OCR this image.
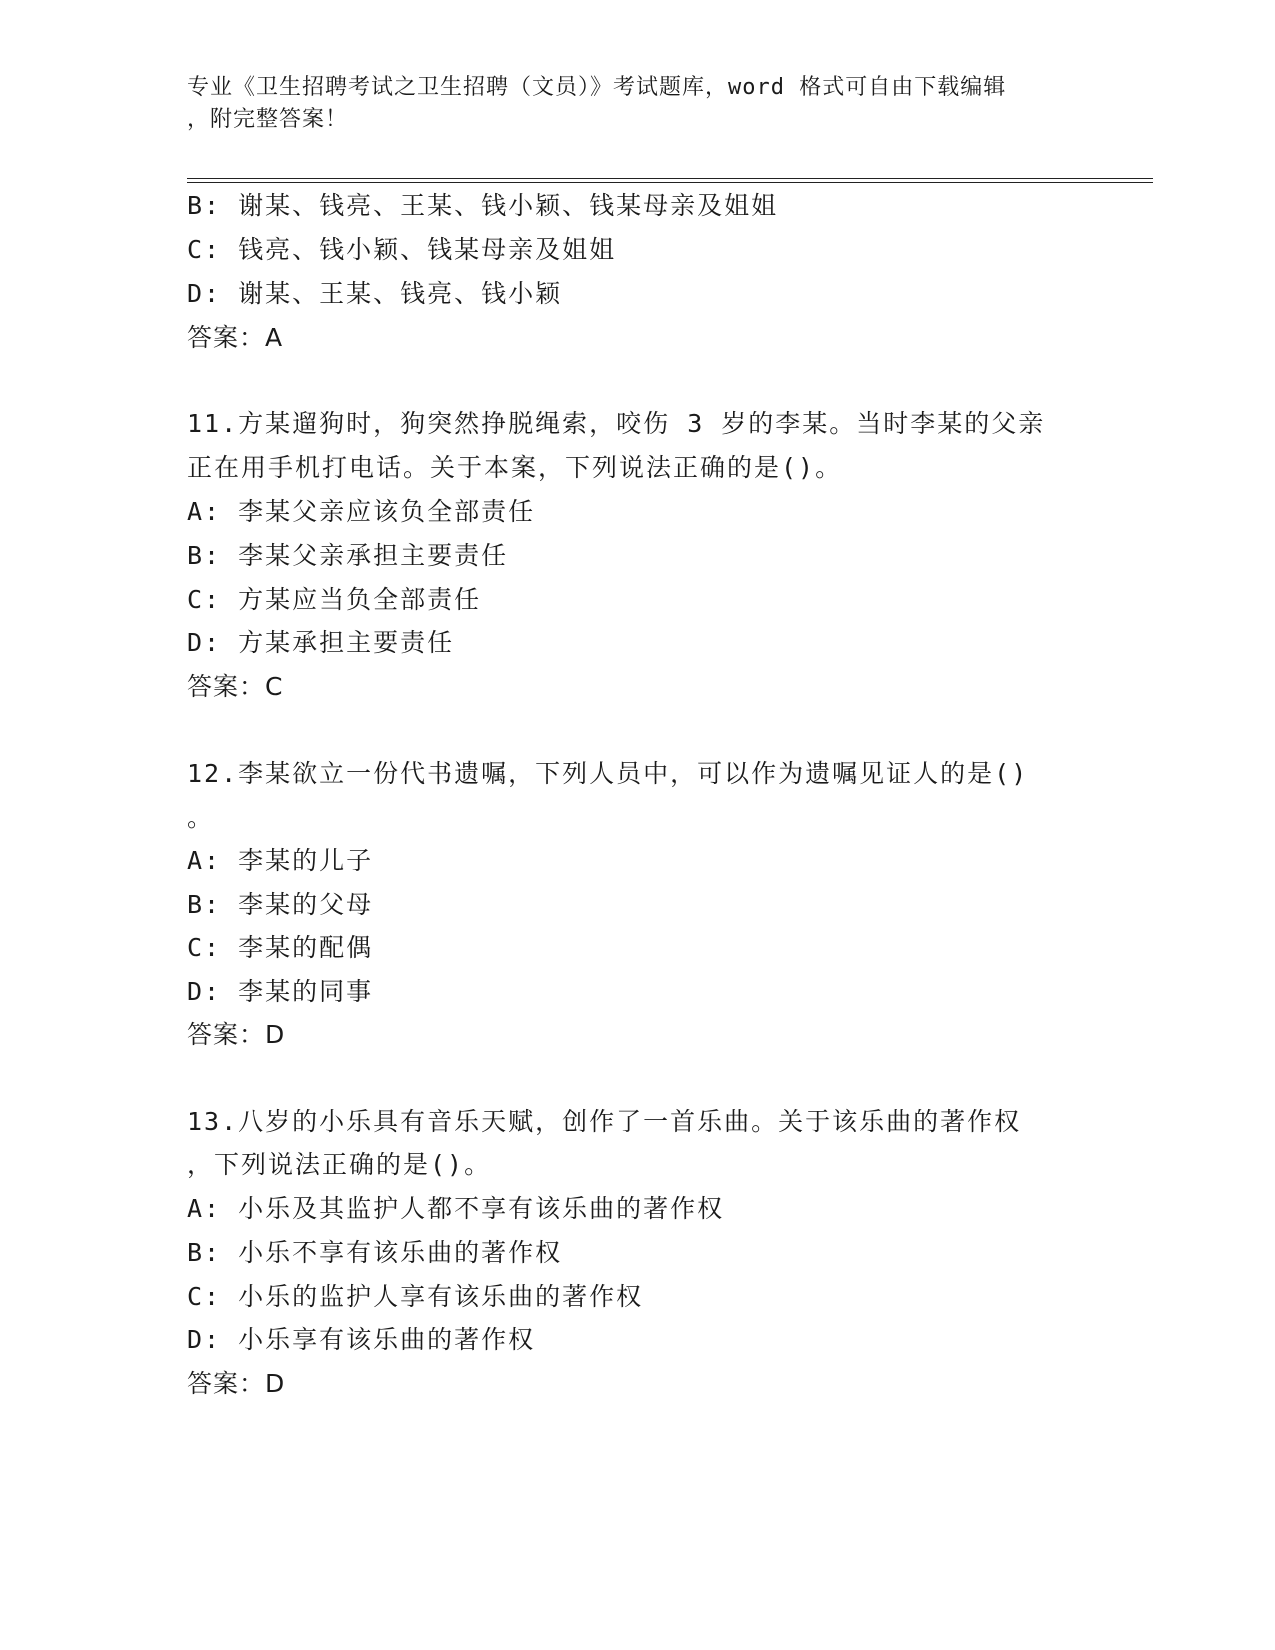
专业《卫生招聘考试之卫生招聘（文员）》考试题库，word 格式可自由下载编辑
，附完整答案！
B: 谢某、钱亮、王某、钱小颖、钱某母亲及姐姐
C: 钱亮、钱小颖、钱某母亲及姐姐
D: 谢某、王某、钱亮、钱小颖
答案：A
11.方某遛狗时，狗突然挣脱绳索，咬伤 3 岁的李某。当时李某的父亲
正在用手机打电话。关于本案，下列说法正确的是()。
A: 李某父亲应该负全部责任
B: 李某父亲承担主要责任
C: 方某应当负全部责任
D: 方某承担主要责任
答案：C
12.李某欲立一份代书遗嘱，下列人员中，可以作为遗嘱见证人的是()
。
A: 李某的儿子
B: 李某的父母
C: 李某的配偶
D: 李某的同事
答案：D
13.八岁的小乐具有音乐天赋，创作了一首乐曲。关于该乐曲的著作权
，下列说法正确的是()。
A: 小乐及其监护人都不享有该乐曲的著作权
B: 小乐不享有该乐曲的著作权
C: 小乐的监护人享有该乐曲的著作权
D: 小乐享有该乐曲的著作权
答案：D
